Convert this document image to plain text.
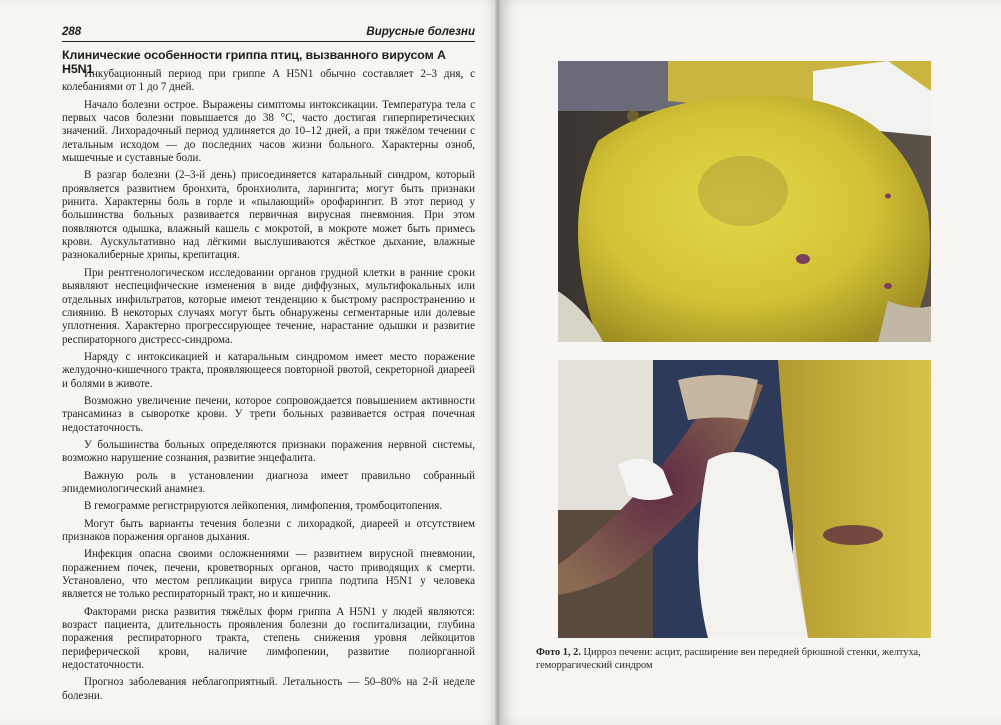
288	Вирусные болезни
Клинические особенности гриппа птиц, вызванного вирусом A H5N1

Инкубационный период при гриппе A H5N1 обычно составляет 2–3 дня, с колебаниями от 1 до 7 дней.

Начало болезни острое. Выражены симптомы интоксикации. Температура тела с первых часов болезни повышается до 38 °C, часто достигая гиперпиретических значений. Лихорадочный период удлиняется до 10–12 дней, а при тяжёлом течении с летальным исходом — до последних часов жизни больного. Характерны озноб, мышечные и суставные боли.

В разгар болезни (2–3-й день) присоединяется катаральный синдром, который проявляется развитием бронхита, бронхиолита, ларингита; могут быть признаки ринита. Характерны боль в горле и «пылающий» орофарингит. В этот период у большинства больных развивается первичная вирусная пневмония. При этом появляются одышка, влажный кашель с мокротой, в мокроте может быть примесь крови. Аускультативно над лёгкими выслушиваются жёсткое дыхание, влажные разнокалиберные хрипы, крепитация.

При рентгенологическом исследовании органов грудной клетки в ранние сроки выявляют неспецифические изменения в виде диффузных, мультифокальных или отдельных инфильтратов, которые имеют тенденцию к быстрому распространению и слиянию. В некоторых случаях могут быть обнаружены сегментарные или долевые уплотнения. Характерно прогрессирующее течение, нарастание одышки и развитие респираторного дистресс-синдрома.

Наряду с интоксикацией и катаральным синдромом имеет место поражение желудочно-кишечного тракта, проявляющееся повторной рвотой, секреторной диареей и болями в животе.

Возможно увеличение печени, которое сопровождается повышением активности трансаминаз в сыворотке крови. У трети больных развивается острая почечная недостаточность.

У большинства больных определяются признаки поражения нервной системы, возможно нарушение сознания, развитие энцефалита.

Важную роль в установлении диагноза имеет правильно собранный эпидемиологический анамнез.

В гемограмме регистрируются лейкопения, лимфопения, тромбоцитопения.

Могут быть варианты течения болезни с лихорадкой, диареей и отсутствием признаков поражения органов дыхания.

Инфекция опасна своими осложнениями — развитием вирусной пневмонии, поражением почек, печени, кроветворных органов, часто приводящих к смерти. Установлено, что местом репликации вируса гриппа подтипа H5N1 у человека является не только респираторный тракт, но и кишечник.

Факторами риска развития тяжёлых форм гриппа A H5N1 у людей являются: возраст пациента, длительность проявления болезни до госпитализации, глубина поражения респираторного тракта, степень снижения уровня лейкоцитов периферической крови, наличие лимфопении, развитие полиорганной недостаточности.

Прогноз заболевания неблагоприятный. Летальность — 50–80% на 2-й неделе болезни.

Фото 1, 2. Цирроз печени: асцит, расширение вен передней брюшной стенки, желтуха, геморрагический синдром
